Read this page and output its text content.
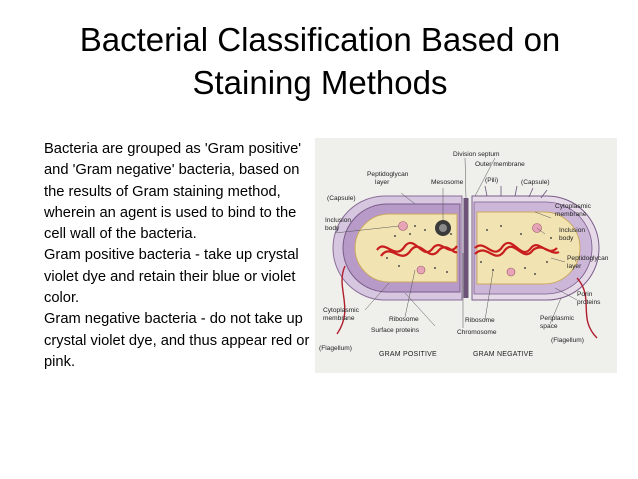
Bacterial Classification Based on
Staining Methods
Bacteria are grouped as 'Gram positive' and 'Gram negative' bacteria, based on the results of Gram staining method, wherein an agent is used to bind to the cell wall of the bacteria.
Gram positive bacteria - take up crystal violet dye and retain their blue or violet color.
Gram negative bacteria - do not take up crystal violet dye, and thus appear red or pink.
Division septum
Outer membrane
Peptidoglycan
layer	Mesosome	(Pili)	(Capsule)
(Capsule)
Inclusion
body
Cytoplasmic
membrane
Inclusion
body
Peptidoglycan
layer
Porin
proteins
Cytoplasmic
membrane	Ribosome	Ribosome
Surface proteins	Chromosome
Periplasmic
space
(Flagellum)
(Flagellum)
GRAM POSITIVE	GRAM NEGATIVE
